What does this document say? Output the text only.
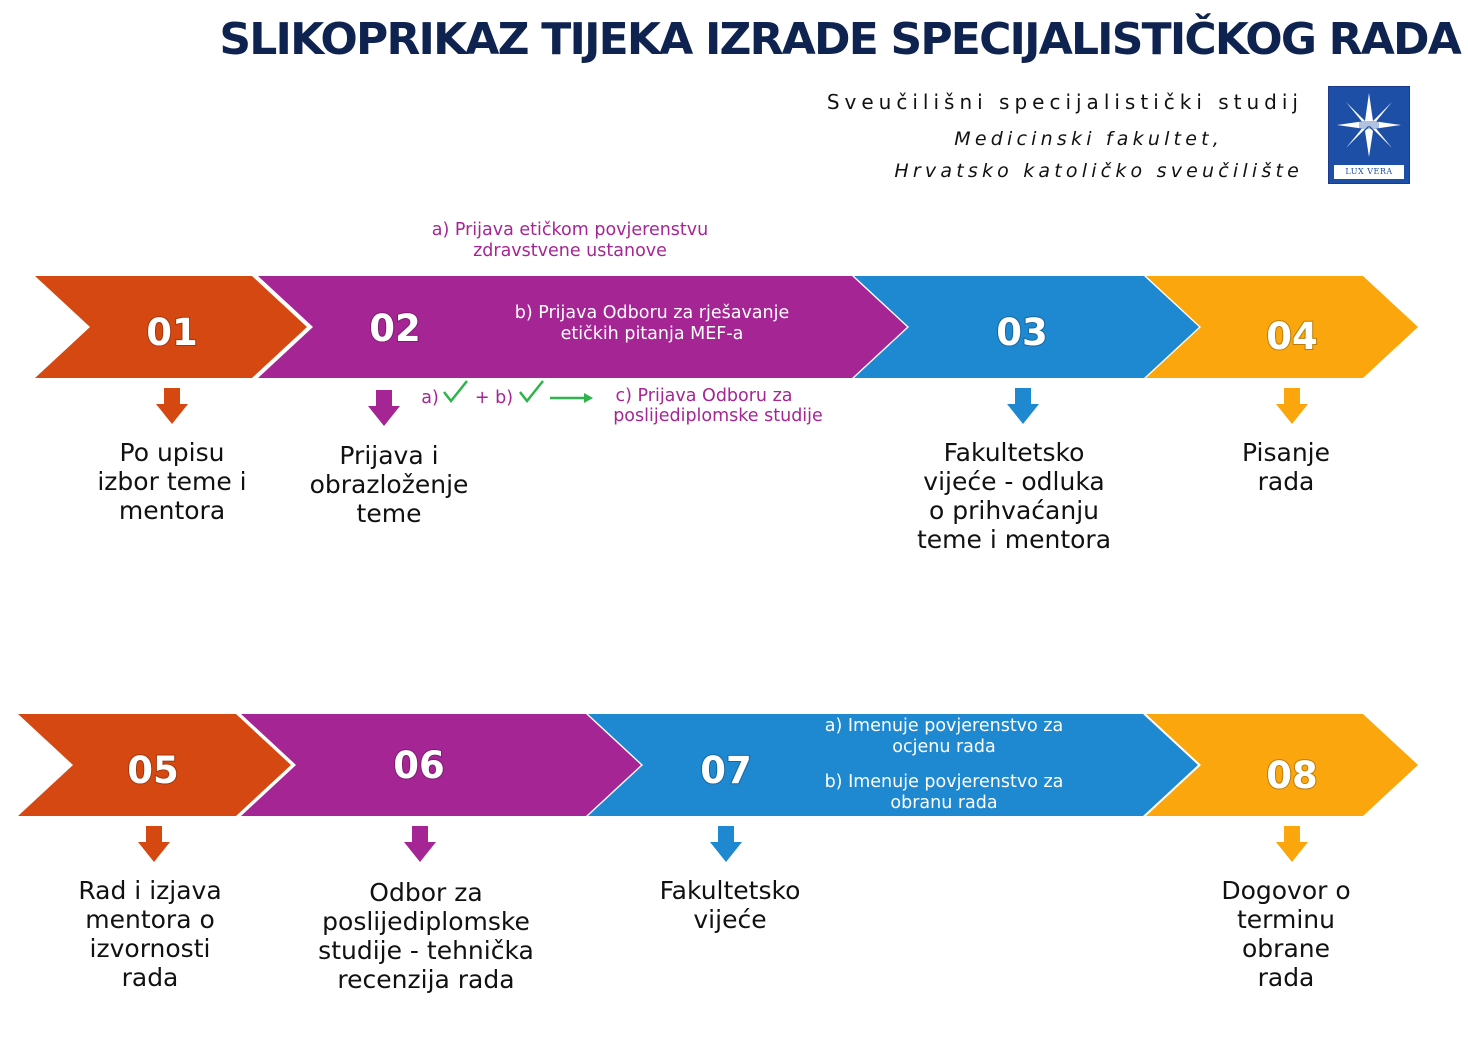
SLIKOPRIKAZ TIJEKA IZRADE SPECIJALISTIČKOG RADA
Sveučilišni specijalistički studij
Medicinski fakultet,
Hrvatsko katoličko sveučilište	LUX VERA
01	02	03	04
05	06	07	08
a) Prijava etičkom povjerenstvu
zdravstvene ustanove
b) Prijava Odboru za rješavanje
etičkih pitanja MEF-a
a) + b)	c) Prijava Odboru za
poslijediplomske studije
a) Imenuje povjerenstvo za
ocjenu rada
b) Imenuje povjerenstvo za
obranu rada
Po upisu
izbor teme i
mentora
Prijava i
obrazloženje
teme
Fakultetsko
vijeće - odluka
o prihvaćanju
teme i mentora
Pisanje
rada
Rad i izjava
mentora o
izvornosti
rada
Odbor za
poslijediplomske
studije - tehnička
recenzija rada
Fakultetsko
vijeće
Dogovor o
terminu
obrane
rada
